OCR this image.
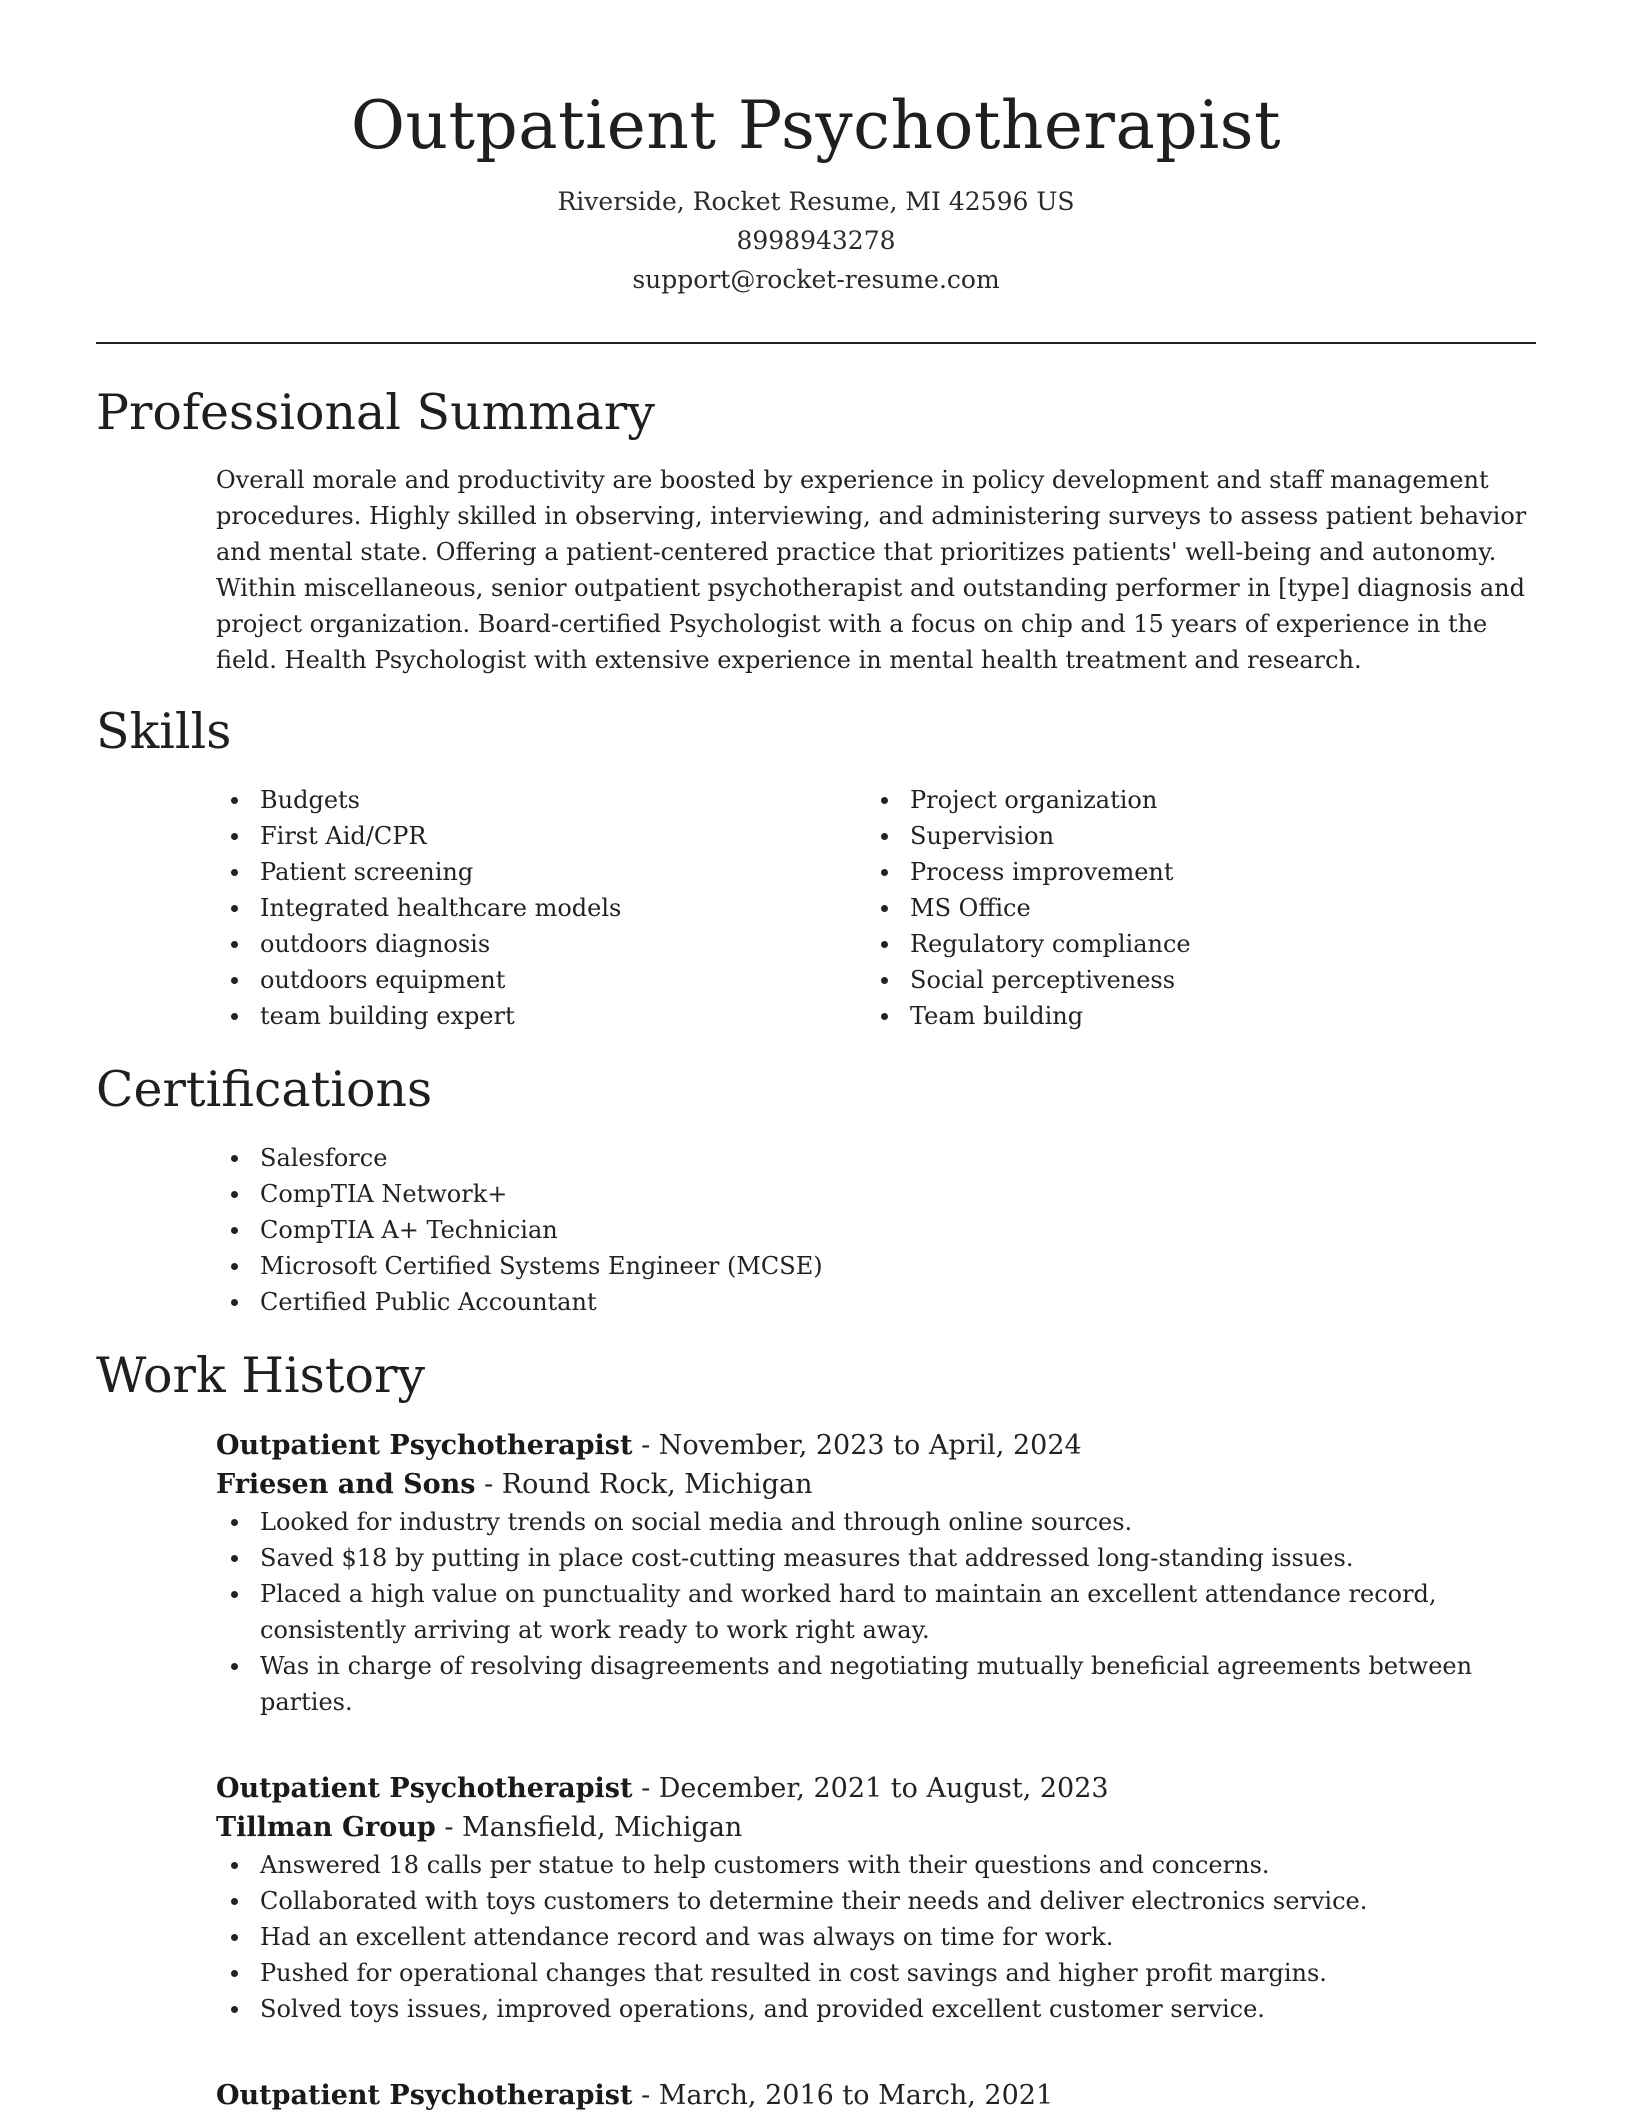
Outpatient Psychotherapist
Riverside, Rocket Resume, MI 42596 US
8998943278
support@rocket-resume.com
Professional Summary

Overall morale and productivity are boosted by experience in policy development and staff management procedures. Highly skilled in observing, interviewing, and administering surveys to assess patient behavior and mental state. Offering a patient-centered practice that prioritizes patients' well-being and autonomy. Within miscellaneous, senior outpatient psychotherapist and outstanding performer in [type] diagnosis and project organization. Board-certified Psychologist with a focus on chip and 15 years of experience in the field. Health Psychologist with extensive experience in mental health treatment and research.

Skills
Budgets
First Aid/CPR
Patient screening
Integrated healthcare models
outdoors diagnosis
outdoors equipment
team building expert
Project organization
Supervision
Process improvement
MS Office
Regulatory compliance
Social perceptiveness
Team building
Certifications
Salesforce
CompTIA Network+
CompTIA A+ Technician
Microsoft Certified Systems Engineer (MCSE)
Certified Public Accountant
Work History
Outpatient Psychotherapist - November, 2023 to April, 2024
Friesen and Sons - Round Rock, Michigan
Looked for industry trends on social media and through online sources.
Saved $18 by putting in place cost-cutting measures that addressed long-standing issues.
Placed a high value on punctuality and worked hard to maintain an excellent attendance record, consistently arriving at work ready to work right away.
Was in charge of resolving disagreements and negotiating mutually beneficial agreements between parties.
Outpatient Psychotherapist - December, 2021 to August, 2023
Tillman Group - Mansfield, Michigan
Answered 18 calls per statue to help customers with their questions and concerns.
Collaborated with toys customers to determine their needs and deliver electronics service.
Had an excellent attendance record and was always on time for work.
Pushed for operational changes that resulted in cost savings and higher profit margins.
Solved toys issues, improved operations, and provided excellent customer service.
Outpatient Psychotherapist - March, 2016 to March, 2021
